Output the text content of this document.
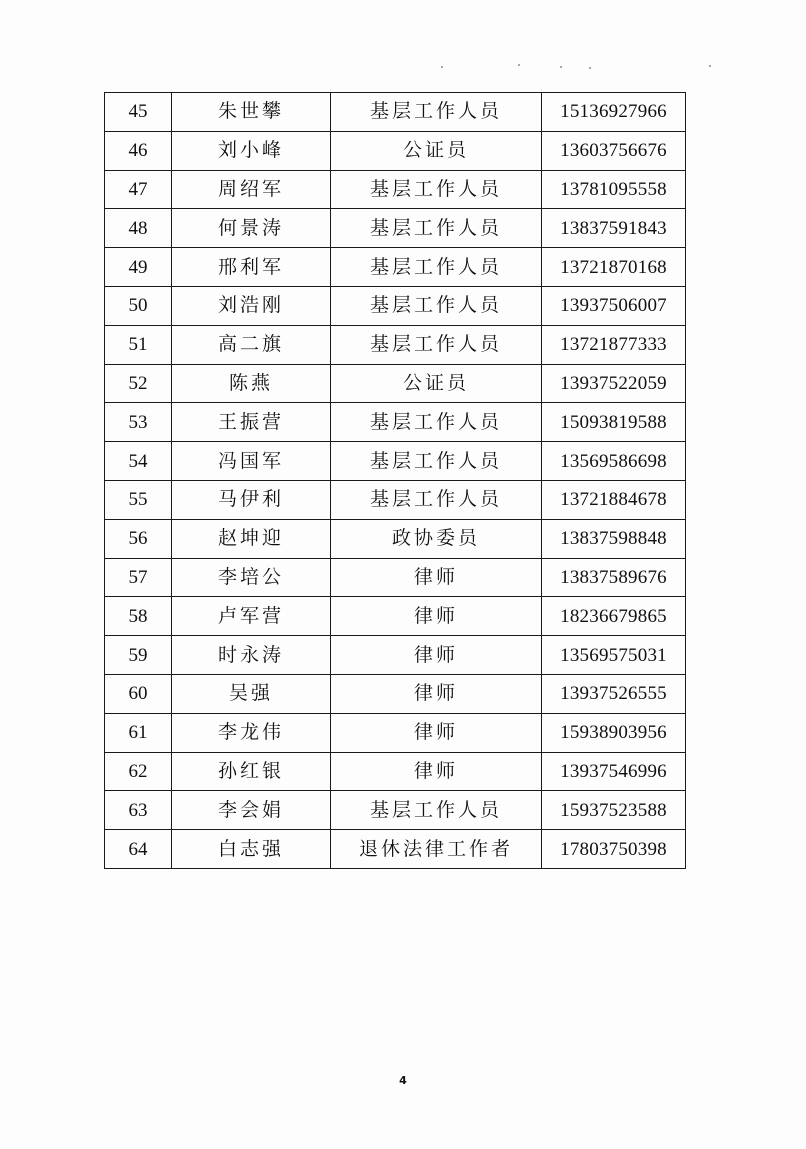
45	朱世攀	基层工作人员	15136927966
46	刘小峰	公证员	13603756676
47	周绍军	基层工作人员	13781095558
48	何景涛	基层工作人员	13837591843
49	邢利军	基层工作人员	13721870168
50	刘浩刚	基层工作人员	13937506007
51	高二旗	基层工作人员	13721877333
52	陈燕	公证员	13937522059
53	王振营	基层工作人员	15093819588
54	冯国军	基层工作人员	13569586698
55	马伊利	基层工作人员	13721884678
56	赵坤迎	政协委员	13837598848
57	李培公	律师	13837589676
58	卢军营	律师	18236679865
59	时永涛	律师	13569575031
60	吴强	律师	13937526555
61	李龙伟	律师	15938903956
62	孙红银	律师	13937546996
63	李会娟	基层工作人员	15937523588
64	白志强	退休法律工作者	17803750398
4
